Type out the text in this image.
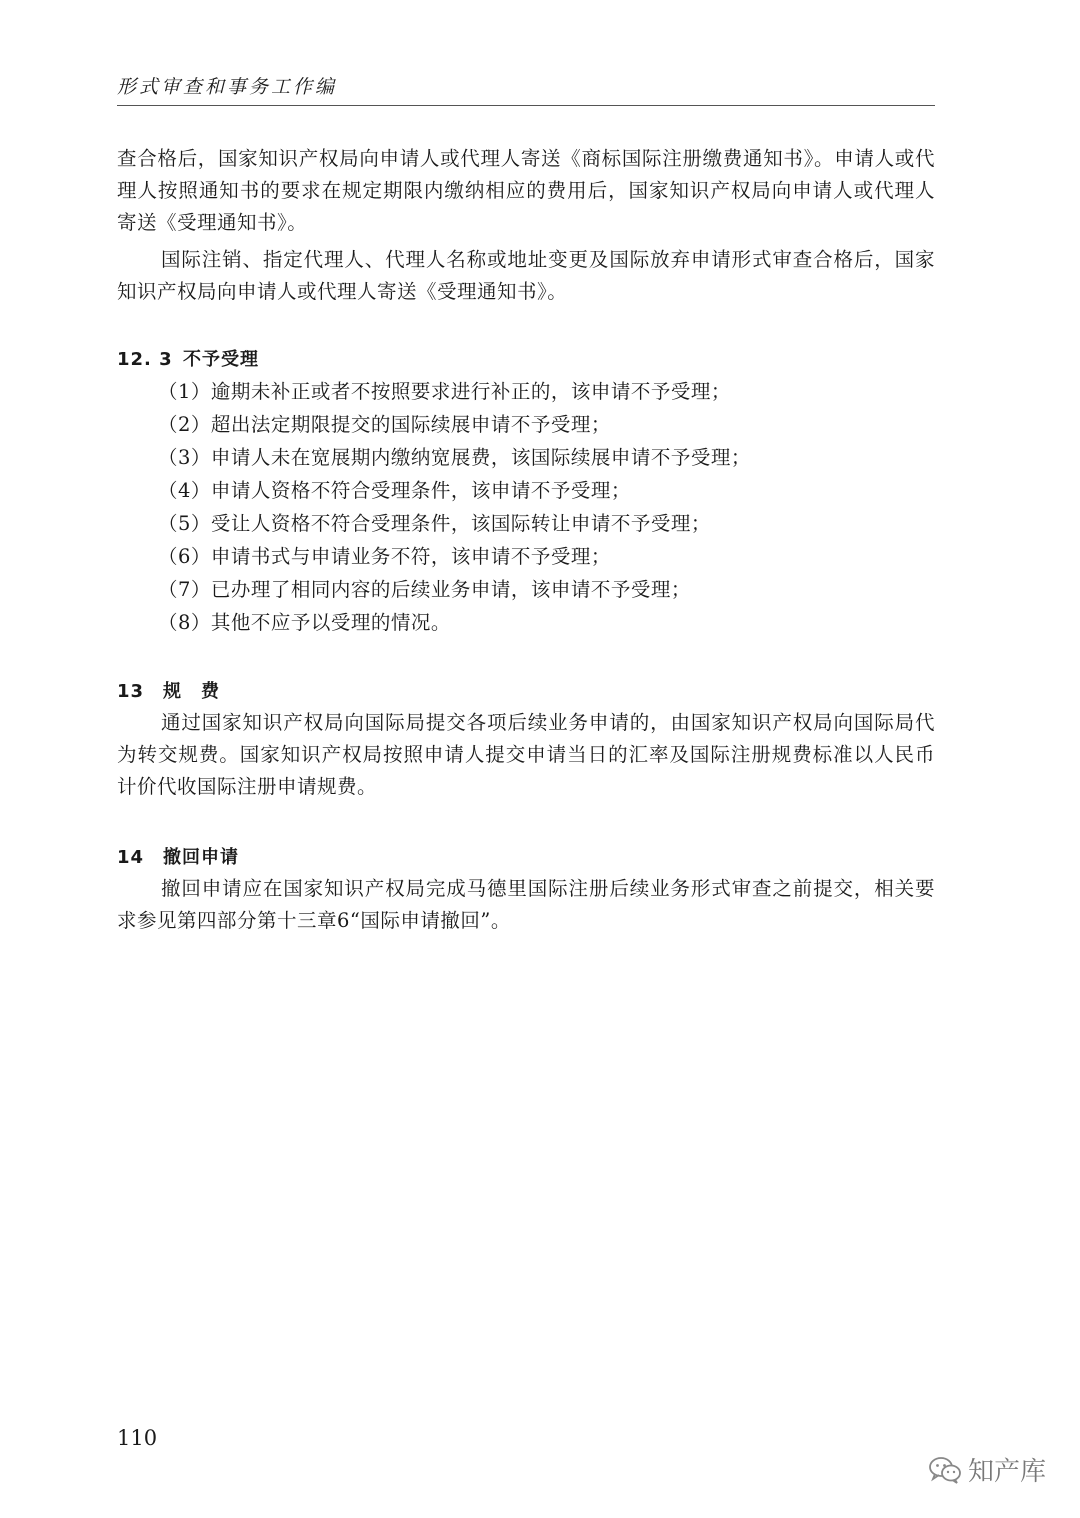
形式审查和事务工作编
查合格后，国家知识产权局向申请人或代理人寄送《商标国际注册缴费通知书》。申请人或代理人按照通知书的要求在规定期限内缴纳相应的费用后，国家知识产权局向申请人或代理人寄送《受理通知书》。
国际注销、指定代理人、代理人名称或地址变更及国际放弃申请形式审查合格后，国家知识产权局向申请人或代理人寄送《受理通知书》。
12. 3 不予受理
（1）逾期未补正或者不按照要求进行补正的，该申请不予受理；
（2）超出法定期限提交的国际续展申请不予受理；
（3）申请人未在宽展期内缴纳宽展费，该国际续展申请不予受理；
（4）申请人资格不符合受理条件，该申请不予受理；
（5）受让人资格不符合受理条件，该国际转让申请不予受理；
（6）申请书式与申请业务不符，该申请不予受理；
（7）已办理了相同内容的后续业务申请，该申请不予受理；
（8）其他不应予以受理的情况。
13 规　费
通过国家知识产权局向国际局提交各项后续业务申请的，由国家知识产权局向国际局代为转交规费。国家知识产权局按照申请人提交申请当日的汇率及国际注册规费标准以人民币计价代收国际注册申请规费。
14 撤回申请
撤回申请应在国家知识产权局完成马德里国际注册后续业务形式审查之前提交，相关要求参见第四部分第十三章6“国际申请撤回”。
110
知产库
